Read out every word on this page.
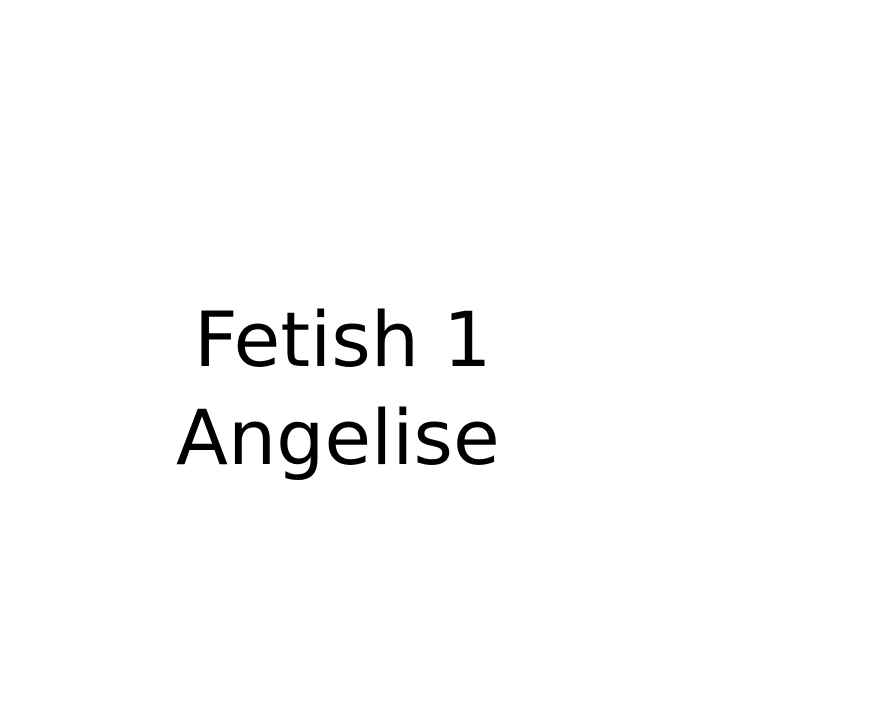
Fetish 1
Angelise
